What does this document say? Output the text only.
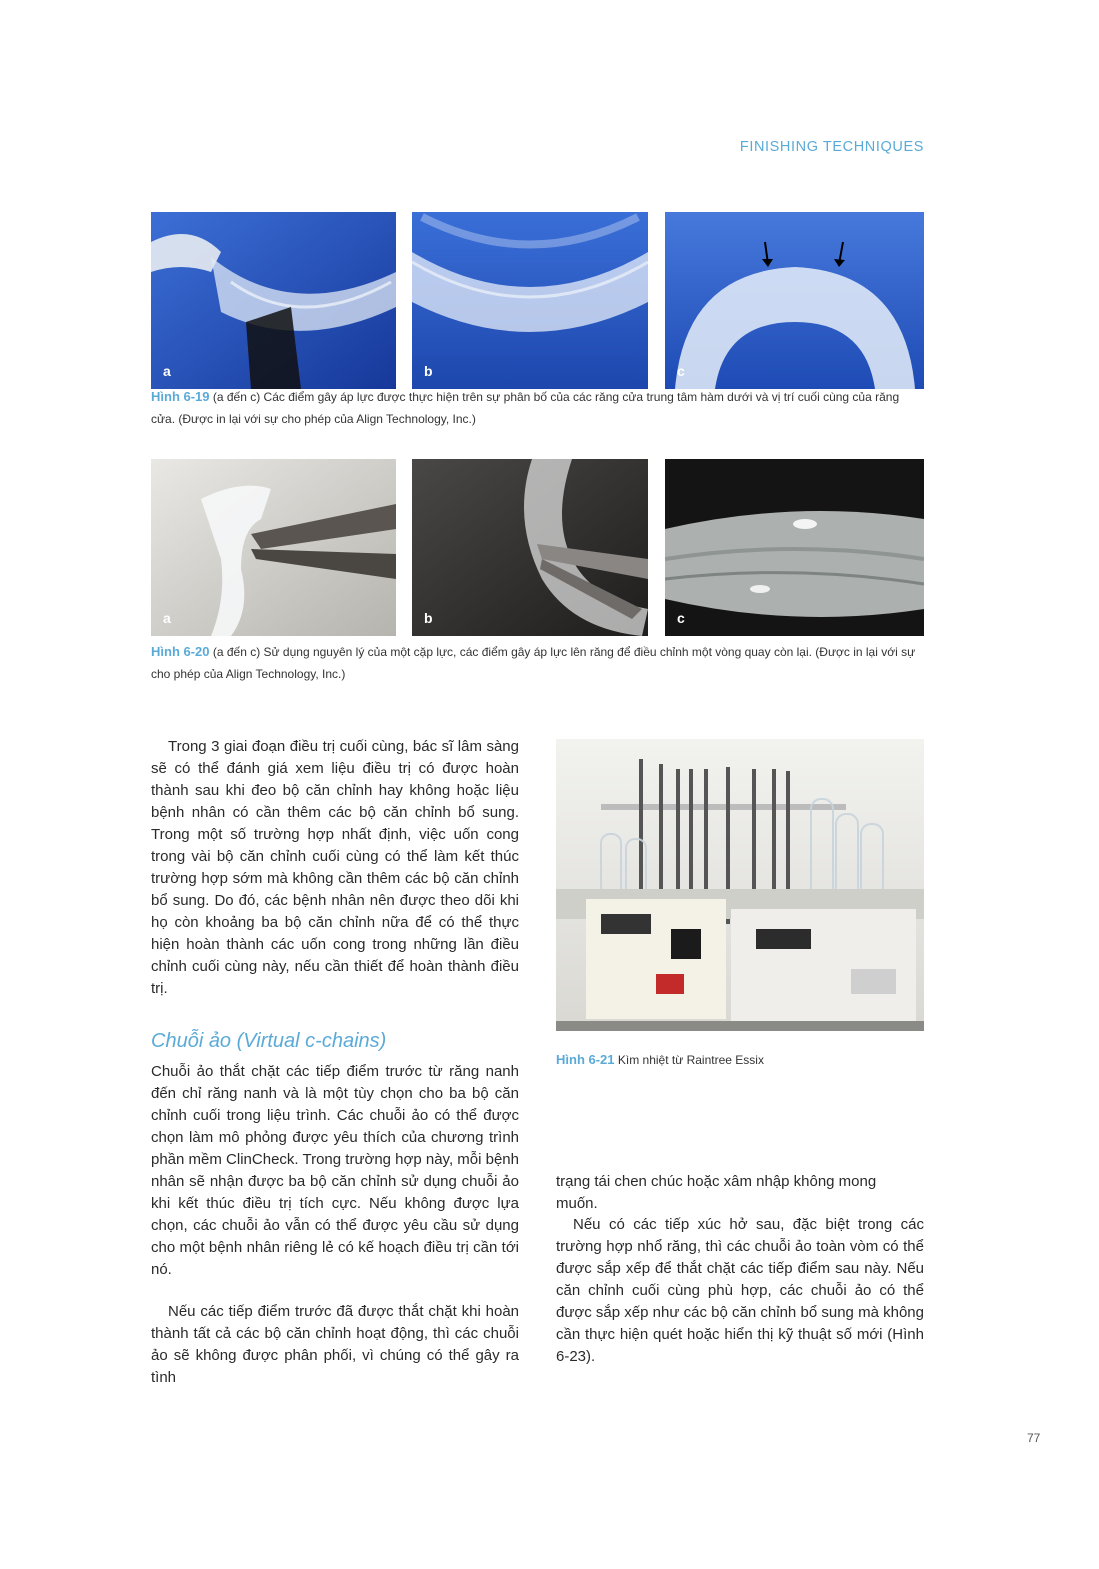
FINISHING TECHNIQUES
a	b	c
Hình 6-19 (a đến c) Các điểm gây áp lực được thực hiện trên sự phân bố của các răng cửa trung tâm hàm dưới và vị trí cuối cùng của răng cửa. (Được in lại với sự cho phép của Align Technology, Inc.)
a	b	c
Hình 6-20 (a đến c) Sử dụng nguyên lý của một cặp lực, các điểm gây áp lực lên răng để điều chỉnh một vòng quay còn lại. (Được in lại với sự cho phép của Align Technology, Inc.)

Trong 3 giai đoạn điều trị cuối cùng, bác sĩ lâm sàng sẽ có thể đánh giá xem liệu điều trị có được hoàn thành sau khi đeo bộ căn chỉnh hay không hoặc liệu bệnh nhân có cần thêm các bộ căn chỉnh bổ sung. Trong một số trường hợp nhất định, việc uốn cong trong vài bộ căn chỉnh cuối cùng có thể làm kết thúc trường hợp sớm mà không cần thêm các bộ căn chỉnh bổ sung. Do đó, các bệnh nhân nên được theo dõi khi họ còn khoảng ba bộ căn chỉnh nữa để có thể thực hiện hoàn thành các uốn cong trong những lần điều chỉnh cuối cùng này, nếu cần thiết để hoàn thành điều trị.

Chuỗi ảo (Virtual c-chains)

Chuỗi ảo thắt chặt các tiếp điểm trước từ răng nanh đến chỉ răng nanh và là một tùy chọn cho ba bộ căn chỉnh cuối trong liệu trình. Các chuỗi ảo có thể được chọn làm mô phỏng được yêu thích của chương trình phần mềm ClinCheck. Trong trường hợp này, mỗi bệnh nhân sẽ nhận được ba bộ căn chỉnh sử dụng chuỗi ảo khi kết thúc điều trị tích cực. Nếu không được lựa chọn, các chuỗi ảo vẫn có thể được yêu cầu sử dụng cho một bệnh nhân riêng lẻ có kế hoạch điều trị cần tới nó.

Nếu các tiếp điểm trước đã được thắt chặt khi hoàn thành tất cả các bộ căn chỉnh hoạt động, thì các chuỗi ảo sẽ không được phân phối, vì chúng có thể gây ra tình

Hình 6-21 Kìm nhiệt từ Raintree Essix

trạng tái chen chúc hoặc xâm nhập không mong muốn.

Nếu có các tiếp xúc hở sau, đặc biệt trong các trường hợp nhổ răng, thì các chuỗi ảo toàn vòm có thể được sắp xếp để thắt chặt các tiếp điểm sau này. Nếu căn chỉnh cuối cùng phù hợp, các chuỗi ảo có thể được sắp xếp như các bộ căn chỉnh bổ sung mà không cần thực hiện quét hoặc hiển thị kỹ thuật số mới (Hình 6-23).

77
